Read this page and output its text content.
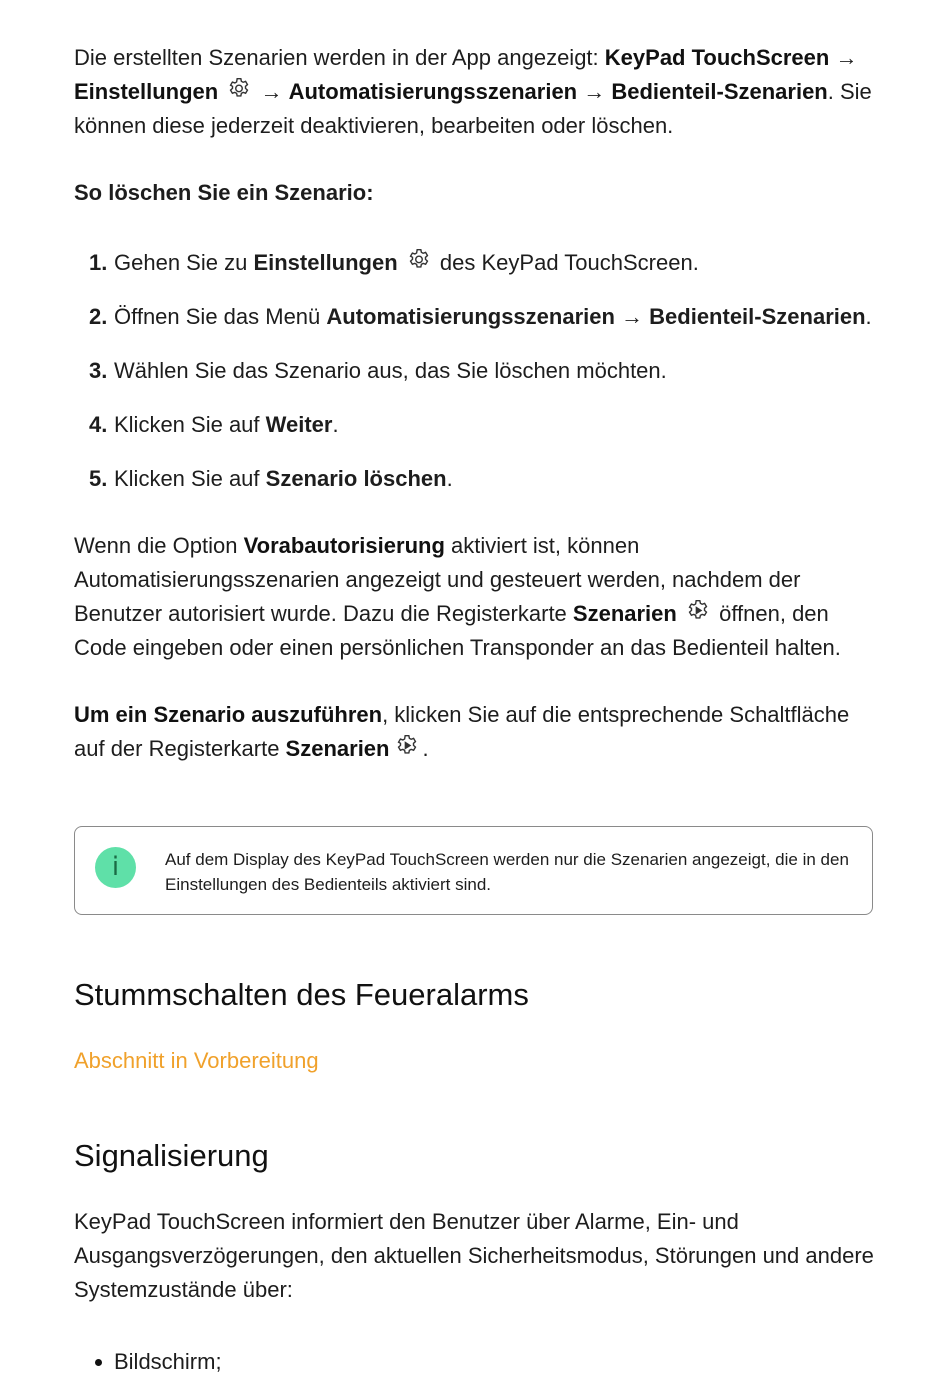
Die erstellten Szenarien werden in der App angezeigt: KeyPad TouchScreen → Einstellungen
→ Automatisierungsszenarien → Bedienteil-Szenarien. Sie können diese jederzeit deaktivieren, bearbeiten oder löschen.

So löschen Sie ein Szenario:

1. Gehen Sie zu Einstellungen
des KeyPad TouchScreen.
2. Öffnen Sie das Menü Automatisierungsszenarien → Bedienteil-Szenarien.
3. Wählen Sie das Szenario aus, das Sie löschen möchten.
4. Klicken Sie auf Weiter.
5. Klicken Sie auf Szenario löschen.

Wenn die Option Vorabautorisierung aktiviert ist, können Automatisierungsszenarien angezeigt und gesteuert werden, nachdem der Benutzer autorisiert wurde. Dazu die Registerkarte Szenarien
öffnen, den Code eingeben oder einen persönlichen Transponder an das Bedienteil halten.

Um ein Szenario auszuführen, klicken Sie auf die entsprechende Schaltfläche auf der Registerkarte Szenarien .

i	Auf dem Display des KeyPad TouchScreen werden nur die Szenarien angezeigt, die in den Einstellungen des Bedienteils aktiviert sind.
Stummschalten des Feueralarms

Abschnitt in Vorbereitung

Signalisierung

KeyPad TouchScreen informiert den Benutzer über Alarme, Ein- und Ausgangsverzögerungen, den aktuellen Sicherheitsmodus, Störungen und andere Systemzustände über:

Bildschirm;
